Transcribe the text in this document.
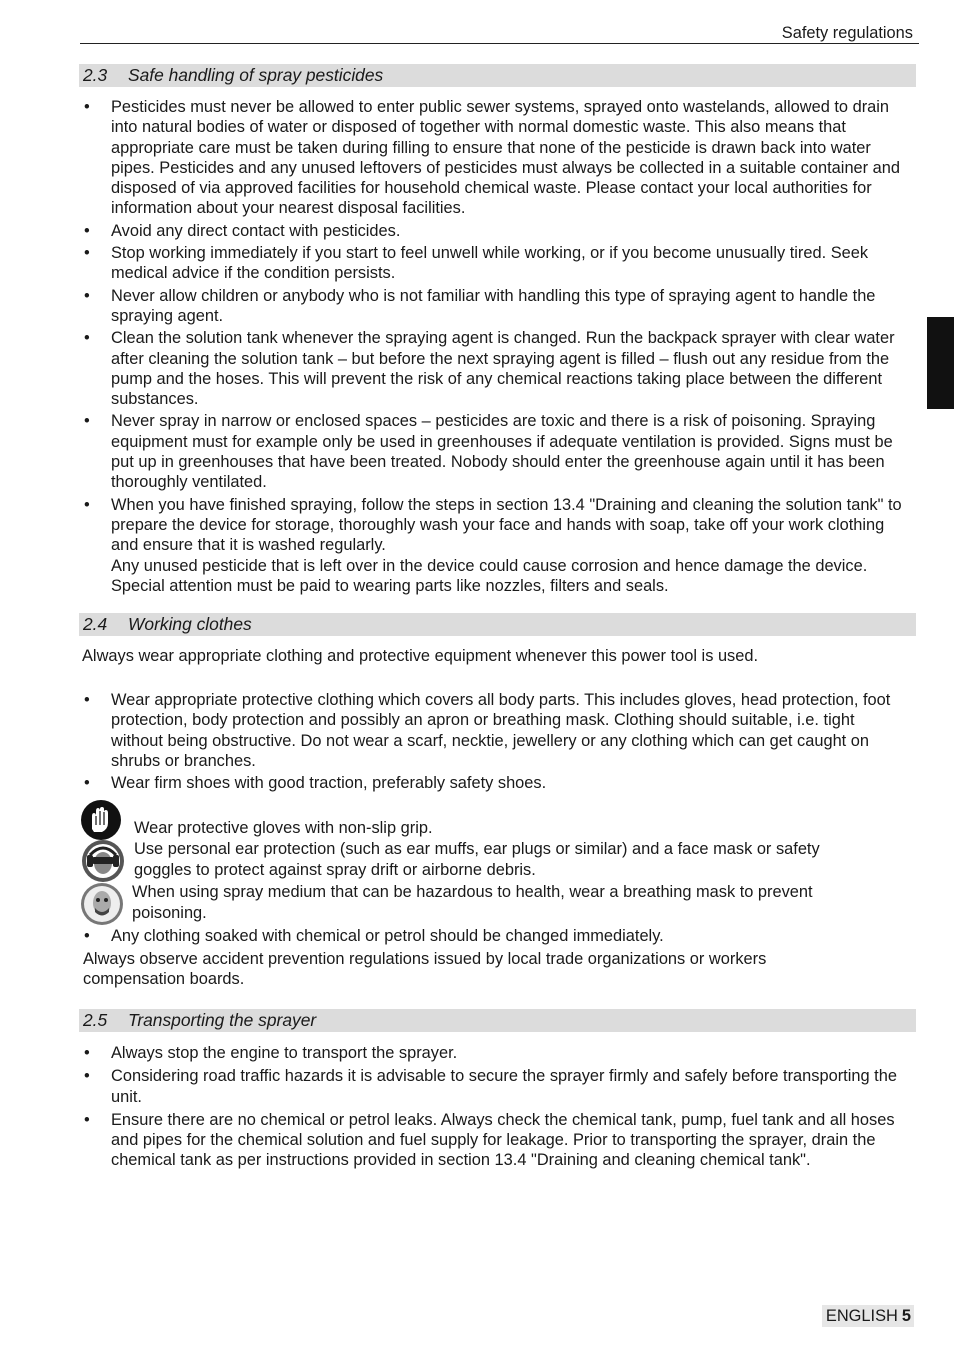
Safety regulations
2.3 Safe handling of spray pesticides
• Pesticides must never be allowed to enter public sewer systems, sprayed onto wastelands, allowed to drain into natural bodies of water or disposed of together with normal domestic waste. This also means that appropriate care must be taken during filling to ensure that none of the pesticide is drawn back into water pipes. Pesticides and any unused leftovers of pesticides must always be collected in a suitable container and disposed of via approved facilities for household chemical waste. Please contact your local authorities for information about your nearest disposal facilities.
• Avoid any direct contact with pesticides.
• Stop working immediately if you start to feel unwell while working, or if you become unusually tired. Seek medical advice if the condition persists.
• Never allow children or anybody who is not familiar with handling this type of spraying agent to handle the spraying agent.
• Clean the solution tank whenever the spraying agent is changed. Run the backpack sprayer with clear water after cleaning the solution tank – but before the next spraying agent is filled – flush out any residue from the pump and the hoses. This will prevent the risk of any chemical reactions taking place between the different substances.
• Never spray in narrow or enclosed spaces – pesticides are toxic and there is a risk of poisoning. Spraying equipment must for example only be used in greenhouses if adequate ventilation is provided. Signs must be put up in greenhouses that have been treated. Nobody should enter the greenhouse again until it has been thoroughly ventilated.
• When you have finished spraying, follow the steps in section 13.4 "Draining and cleaning the solution tank" to prepare the device for storage, thoroughly wash your face and hands with soap, take off your work clothing and ensure that it is washed regularly.
Any unused pesticide that is left over in the device could cause corrosion and hence damage the device. Special attention must be paid to wearing parts like nozzles, filters and seals.
2.4 Working clothes

Always wear appropriate clothing and protective equipment whenever this power tool is used.

• Wear appropriate protective clothing which covers all body parts. This includes gloves, head protection, foot protection, body protection and possibly an apron or breathing mask. Clothing should suitable, i.e. tight without being obstructive. Do not wear a scarf, necktie, jewellery or any clothing which can get caught on shrubs or branches.
• Wear firm shoes with good traction, preferably safety shoes.
Wear protective gloves with non-slip grip.
Use personal ear protection (such as ear muffs, ear plugs or similar) and a face mask or safety
goggles to protect against spray drift or airborne debris.
When using spray medium that can be hazardous to health, wear a breathing mask to prevent
poisoning.
• Any clothing soaked with chemical or petrol should be changed immediately.

Always observe accident prevention regulations issued by local trade organizations or workers compensation boards.

2.5 Transporting the sprayer
• Always stop the engine to transport the sprayer.
• Considering road traffic hazards it is advisable to secure the sprayer firmly and safely before transporting the unit.
• Ensure there are no chemical or petrol leaks. Always check the chemical tank, pump, fuel tank and all hoses and pipes for the chemical solution and fuel supply for leakage. Prior to transporting the sprayer, drain the chemical tank as per instructions provided in section 13.4 "Draining and cleaning chemical tank".
ENGLISH 5
